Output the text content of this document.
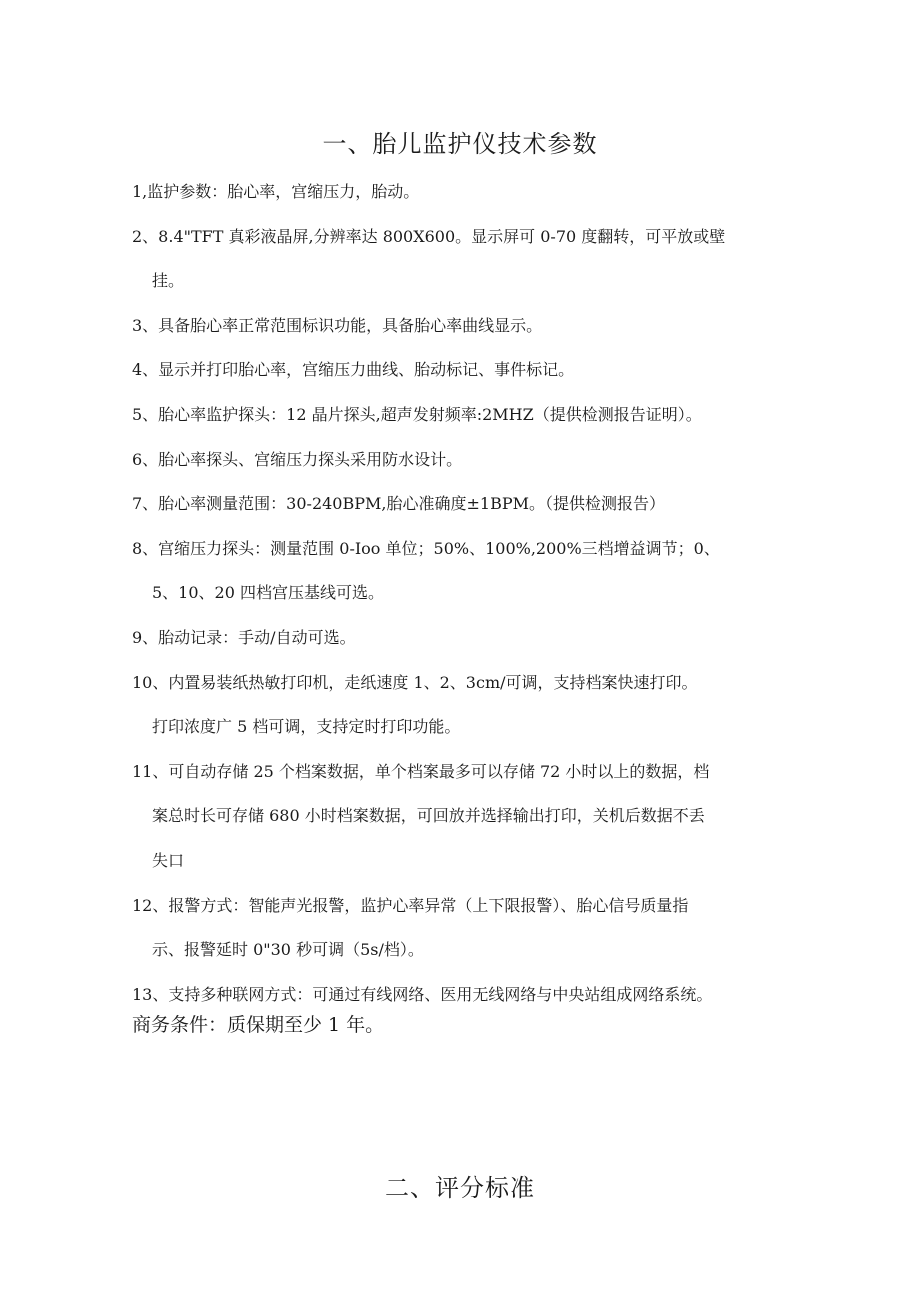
一、胎儿监护仪技术参数
1,监护参数：胎心率，宫缩压力，胎动。
2、8.4"TFT 真彩液晶屏,分辨率达 800X600。显示屏可 0-70 度翻转，可平放或壁
挂。
3、具备胎心率正常范围标识功能，具备胎心率曲线显示。
4、显示并打印胎心率，宫缩压力曲线、胎动标记、事件标记。
5、胎心率监护探头：12 晶片探头,超声发射频率:2MHZ（提供检测报告证明）。
6、胎心率探头、宫缩压力探头采用防水设计。
7、胎心率测量范围：30-240BPM,胎心准确度±1BPM。（提供检测报告）
8、宫缩压力探头：测量范围 0-Ioo 单位；50%、100%,200%三档增益调节；0、
5、10、20 四档宫压基线可选。
9、胎动记录：手动/自动可选。
10、内置易装纸热敏打印机，走纸速度 1、2、3cm/可调，支持档案快速打印。
打印浓度广 5 档可调，支持定时打印功能。
11、可自动存储 25 个档案数据，单个档案最多可以存储 72 小时以上的数据，档
案总时长可存储 680 小时档案数据，可回放并选择输出打印，关机后数据不丢
失口
12、报警方式：智能声光报警，监护心率异常（上下限报警）、胎心信号质量指
示、报警延时 0"30 秒可调（5s/档）。
13、支持多种联网方式：可通过有线网络、医用无线网络与中央站组成网络系统。

商务条件：质保期至少 1 年。

二、评分标准
